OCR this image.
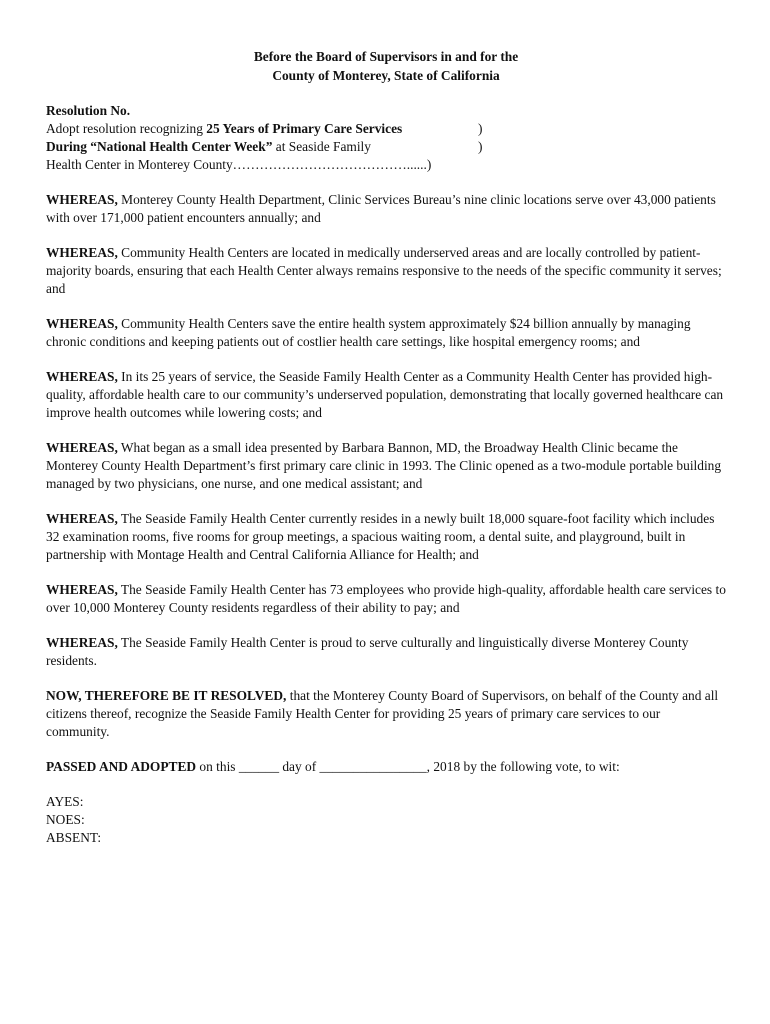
Before the Board of Supervisors in and for the
County of Monterey, State of California
Resolution No.
Adopt resolution recognizing 25 Years of Primary Care Services	)
During “National Health Center Week” at Seaside Family	)
Health Center in Monterey County…………………………………......)
WHEREAS, Monterey County Health Department, Clinic Services Bureau’s nine clinic locations serve over 43,000 patients with over 171,000 patient encounters annually; and
WHEREAS, Community Health Centers are located in medically underserved areas and are locally controlled by patient-majority boards, ensuring that each Health Center always remains responsive to the needs of the specific community it serves; and
WHEREAS, Community Health Centers save the entire health system approximately $24 billion annually by managing chronic conditions and keeping patients out of costlier health care settings, like hospital emergency rooms; and
WHEREAS, In its 25 years of service, the Seaside Family Health Center as a Community Health Center has provided high-quality, affordable health care to our community’s underserved population, demonstrating that locally governed healthcare can improve health outcomes while lowering costs; and
WHEREAS, What began as a small idea presented by Barbara Bannon, MD, the Broadway Health Clinic became the Monterey County Health Department’s first primary care clinic in 1993. The Clinic opened as a two-module portable building managed by two physicians, one nurse, and one medical assistant; and
WHEREAS, The Seaside Family Health Center currently resides in a newly built 18,000 square-foot facility which includes 32 examination rooms, five rooms for group meetings, a spacious waiting room, a dental suite, and playground, built in partnership with Montage Health and Central California Alliance for Health; and
WHEREAS, The Seaside Family Health Center has 73 employees who provide high-quality, affordable health care services to over 10,000 Monterey County residents regardless of their ability to pay; and
WHEREAS, The Seaside Family Health Center is proud to serve culturally and linguistically diverse Monterey County residents.
NOW, THEREFORE BE IT RESOLVED, that the Monterey County Board of Supervisors, on behalf of the County and all citizens thereof, recognize the Seaside Family Health Center for providing 25 years of primary care services to our community.
PASSED AND ADOPTED on this ______ day of ________________, 2018 by the following vote, to wit:
AYES:
NOES:
ABSENT:
